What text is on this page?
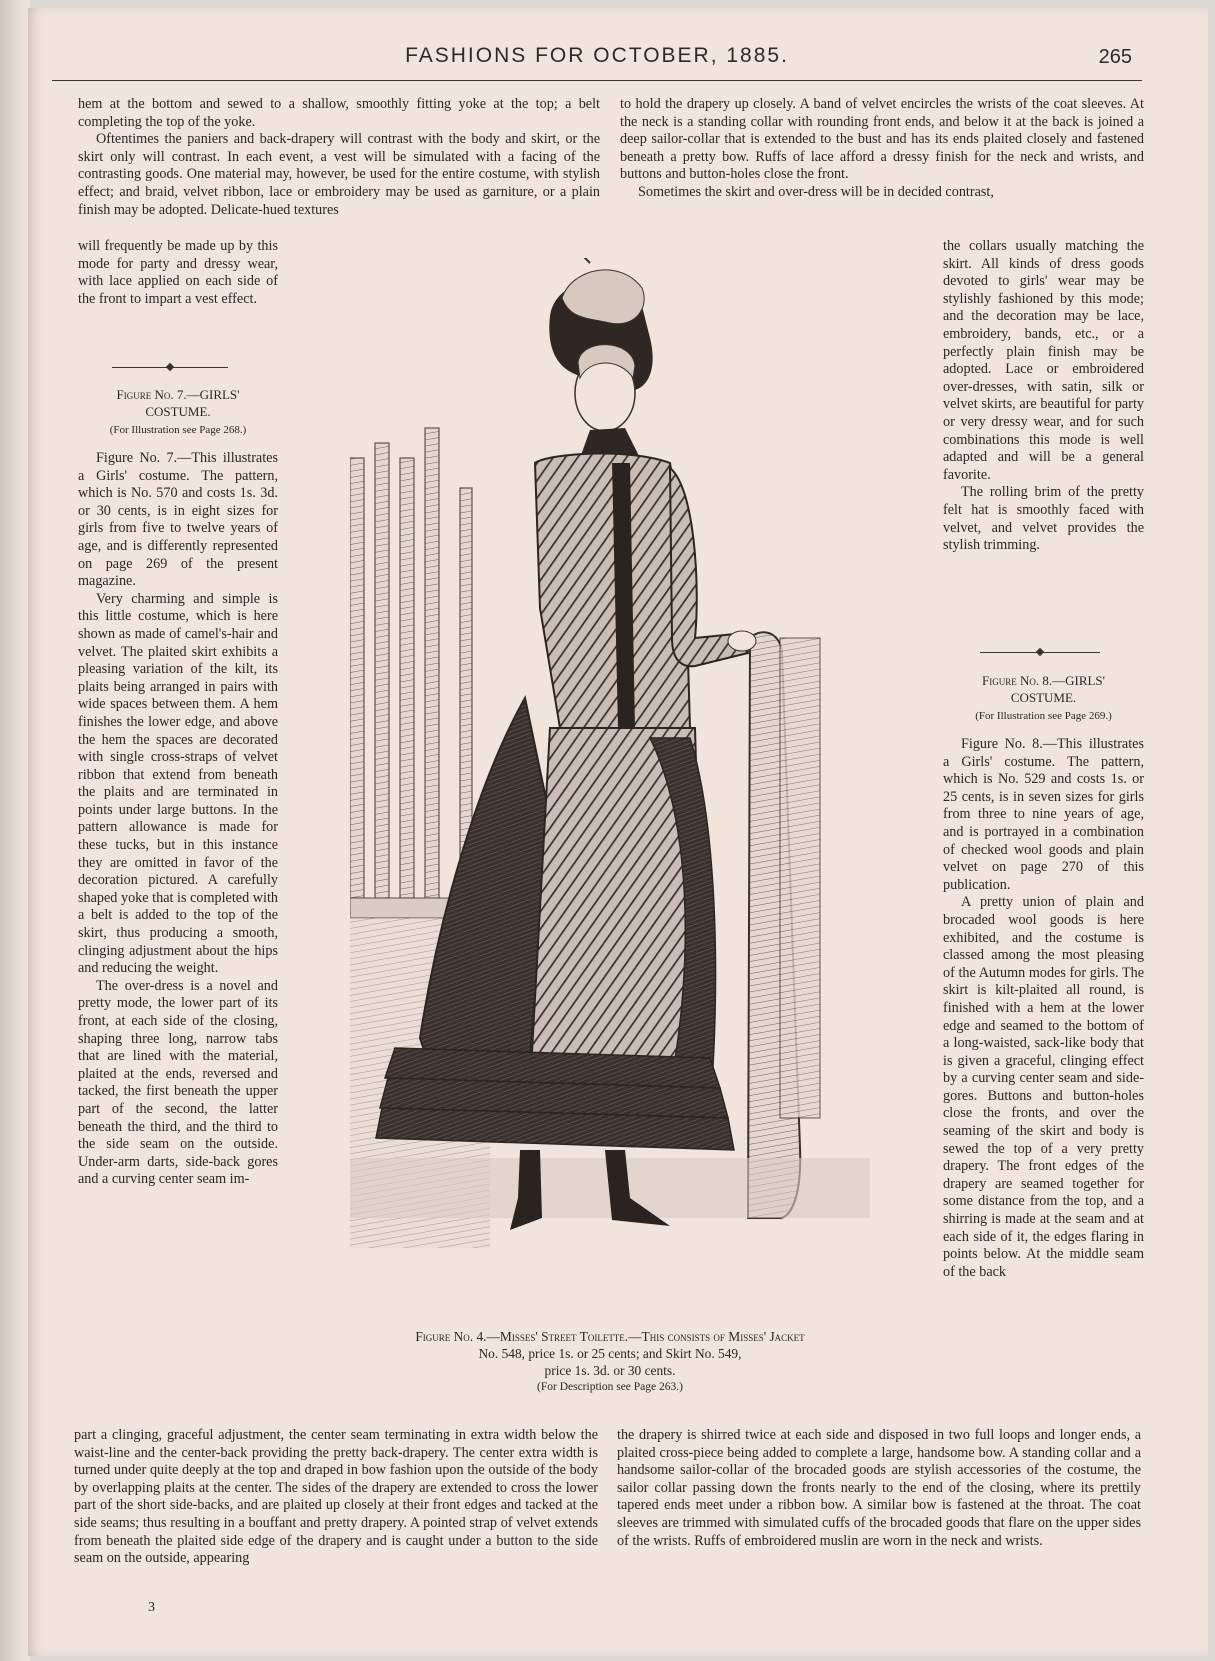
FASHIONS FOR OCTOBER, 1885.	265

hem at the bottom and sewed to a shallow, smoothly fitting yoke at the top; a belt completing the top of the yoke.

Oftentimes the paniers and back-drapery will contrast with the body and skirt, or the skirt only will contrast. In each event, a vest will be simulated with a facing of the contrasting goods. One material may, however, be used for the entire costume, with stylish effect; and braid, velvet ribbon, lace or embroidery may be used as garniture, or a plain finish may be adopted. Delicate-hued textures

will frequently be made up by this mode for party and dressy wear, with lace applied on each side of the front to impart a vest effect.

Figure No. 7.—GIRLS'
COSTUME.
(For Illustration see Page 268.)

Figure No. 7.—This illustrates a Girls' costume. The pattern, which is No. 570 and costs 1s. 3d. or 30 cents, is in eight sizes for girls from five to twelve years of age, and is differently represented on page 269 of the present magazine.

Very charming and simple is this little costume, which is here shown as made of camel's-hair and velvet. The plaited skirt exhibits a pleasing variation of the kilt, its plaits being arranged in pairs with wide spaces between them. A hem finishes the lower edge, and above the hem the spaces are decorated with single cross-straps of velvet ribbon that extend from beneath the plaits and are terminated in points under large buttons. In the pattern allowance is made for these tucks, but in this instance they are omitted in favor of the decoration pictured. A carefully shaped yoke that is completed with a belt is added to the top of the skirt, thus producing a smooth, clinging adjustment about the hips and reducing the weight.

The over-dress is a novel and pretty mode, the lower part of its front, at each side of the closing, shaping three long, narrow tabs that are lined with the material, plaited at the ends, reversed and tacked, the first beneath the upper part of the second, the latter beneath the third, and the third to the side seam on the outside. Under-arm darts, side-back gores and a curving center seam im-

to hold the drapery up closely. A band of velvet encircles the wrists of the coat sleeves. At the neck is a standing collar with rounding front ends, and below it at the back is joined a deep sailor-collar that is extended to the bust and has its ends plaited closely and fastened beneath a pretty bow. Ruffs of lace afford a dressy finish for the neck and wrists, and buttons and button-holes close the front.

Sometimes the skirt and over-dress will be in decided contrast,

the collars usually matching the skirt. All kinds of dress goods devoted to girls' wear may be stylishly fashioned by this mode; and the decoration may be lace, embroidery, bands, etc., or a perfectly plain finish may be adopted. Lace or embroidered over-dresses, with satin, silk or velvet skirts, are beautiful for party or very dressy wear, and for such combinations this mode is well adapted and will be a general favorite.

The rolling brim of the pretty felt hat is smoothly faced with velvet, and velvet provides the stylish trimming.

Figure No. 8.—GIRLS'
COSTUME.
(For Illustration see Page 269.)

Figure No. 8.—This illustrates a Girls' costume. The pattern, which is No. 529 and costs 1s. or 25 cents, is in seven sizes for girls from three to nine years of age, and is portrayed in a combination of checked wool goods and plain velvet on page 270 of this publication.

A pretty union of plain and brocaded wool goods is here exhibited, and the costume is classed among the most pleasing of the Autumn modes for girls. The skirt is kilt-plaited all round, is finished with a hem at the lower edge and seamed to the bottom of a long-waisted, sack-like body that is given a graceful, clinging effect by a curving center seam and side-gores. Buttons and button-holes close the fronts, and over the seaming of the skirt and body is sewed the top of a very pretty drapery. The front edges of the drapery are seamed together for some distance from the top, and a shirring is made at the seam and at each side of it, the edges flaring in points below. At the middle seam of the back

Figure No. 4.—Misses' Street Toilette.—This consists of Misses' Jacket
No. 548, price 1s. or 25 cents; and Skirt No. 549,
price 1s. 3d. or 30 cents.
(For Description see Page 263.)

part a clinging, graceful adjustment, the center seam terminating in extra width below the waist-line and the center-back providing the pretty back-drapery. The center extra width is turned under quite deeply at the top and draped in bow fashion upon the outside of the body by overlapping plaits at the center. The sides of the drapery are extended to cross the lower part of the short side-backs, and are plaited up closely at their front edges and tacked at the side seams; thus resulting in a bouffant and pretty drapery. A pointed strap of velvet extends from beneath the plaited side edge of the drapery and is caught under a button to the side seam on the outside, appearing

the drapery is shirred twice at each side and disposed in two full loops and longer ends, a plaited cross-piece being added to complete a large, handsome bow. A standing collar and a handsome sailor-collar of the brocaded goods are stylish accessories of the costume, the sailor collar passing down the fronts nearly to the end of the closing, where its prettily tapered ends meet under a ribbon bow. A similar bow is fastened at the throat. The coat sleeves are trimmed with simulated cuffs of the brocaded goods that flare on the upper sides of the wrists. Ruffs of embroidered muslin are worn in the neck and wrists.

3
